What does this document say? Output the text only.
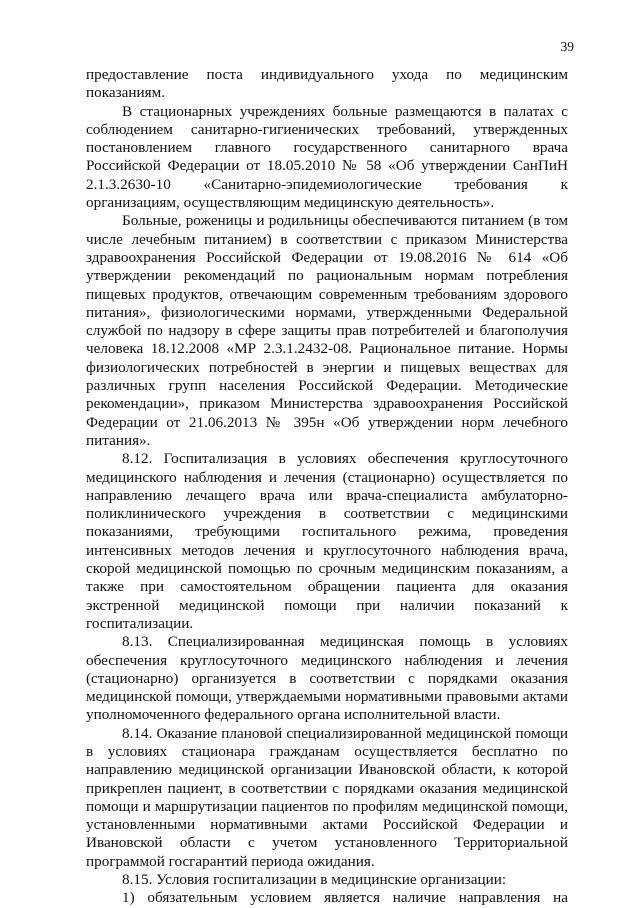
39

предоставление поста индивидуального ухода по медицинским показаниям.

В стационарных учреждениях больные размещаются в палатах с соблюдением санитарно-гигиенических требований, утвержденных постановлением главного государственного санитарного врача Российской Федерации от 18.05.2010 № 58 «Об утверждении СанПиН 2.1.3.2630-10 «Санитарно-эпидемиологические требования к организациям, осуществляющим медицинскую деятельность».

Больные, роженицы и родильницы обеспечиваются питанием (в том числе лечебным питанием) в соответствии с приказом Министерства здравоохранения Российской Федерации от 19.08.2016 № 614 «Об утверждении рекомендаций по рациональным нормам потребления пищевых продуктов, отвечающим современным требованиям здорового питания», физиологическими нормами, утвержденными Федеральной службой по надзору в сфере защиты прав потребителей и благополучия человека 18.12.2008 «МР 2.3.1.2432-08. Рациональное питание. Нормы физиологических потребностей в энергии и пищевых веществах для различных групп населения Российской Федерации. Методические рекомендации», приказом Министерства здравоохранения Российской Федерации от 21.06.2013 № 395н «Об утверждении норм лечебного питания».

8.12. Госпитализация в условиях обеспечения круглосуточного медицинского наблюдения и лечения (стационарно) осуществляется по направлению лечащего врача или врача-специалиста амбулаторно-поликлинического учреждения в соответствии с медицинскими показаниями, требующими госпитального режима, проведения интенсивных методов лечения и круглосуточного наблюдения врача, скорой медицинской помощью по срочным медицинским показаниям, а также при самостоятельном обращении пациента для оказания экстренной медицинской помощи при наличии показаний к госпитализации.

8.13. Специализированная медицинская помощь в условиях обеспечения круглосуточного медицинского наблюдения и лечения (стационарно) организуется в соответствии с порядками оказания медицинской помощи, утверждаемыми нормативными правовыми актами уполномоченного федерального органа исполнительной власти.

8.14. Оказание плановой специализированной медицинской помощи в условиях стационара гражданам осуществляется бесплатно по направлению медицинской организации Ивановской области, к которой прикреплен пациент, в соответствии с порядками оказания медицинской помощи и маршрутизации пациентов по профилям медицинской помощи, установленными нормативными актами Российской Федерации и Ивановской области с учетом установленного Территориальной программой госгарантий периода ожидания.

8.15. Условия госпитализации в медицинские организации:

1) обязательным условием является наличие направления на
